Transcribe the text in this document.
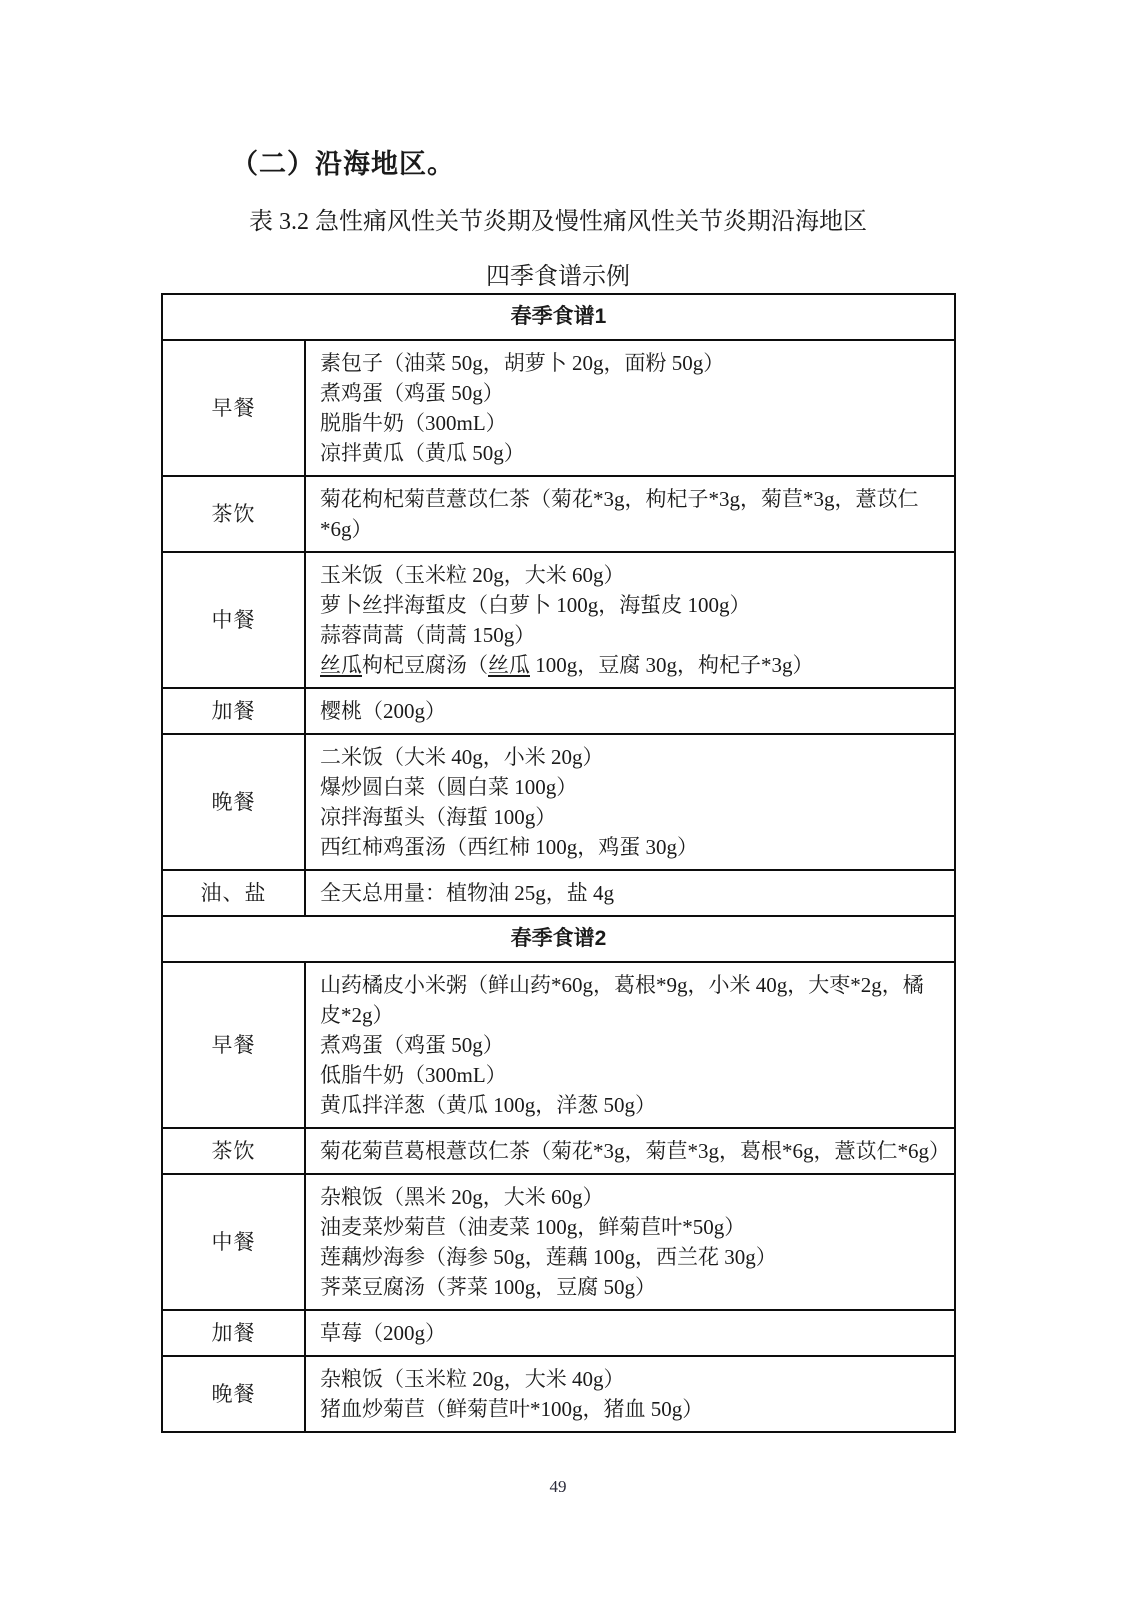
（二）沿海地区。
表 3.2 急性痛风性关节炎期及慢性痛风性关节炎期沿海地区
四季食谱示例
春季食谱1	
早餐	素包子（油菜 50g，胡萝卜 20g，面粉 50g）
煮鸡蛋（鸡蛋 50g）
脱脂牛奶（300mL）
凉拌黄瓜（黄瓜 50g）

茶饮	菊花枸杞菊苣薏苡仁茶（菊花*3g，枸杞子*3g，菊苣*3g，薏苡仁*6g）

中餐	玉米饭（玉米粒 20g，大米 60g）
萝卜丝拌海蜇皮（白萝卜 100g，海蜇皮 100g）
蒜蓉茼蒿（茼蒿 150g）
丝瓜枸杞豆腐汤（丝瓜 100g，豆腐 30g，枸杞子*3g）

加餐	樱桃（200g）

晚餐	二米饭（大米 40g，小米 20g）
爆炒圆白菜（圆白菜 100g）
凉拌海蜇头（海蜇 100g）
西红柿鸡蛋汤（西红柿 100g，鸡蛋 30g）

油、盐	全天总用量：植物油 25g，盐 4g

春季食谱2	
早餐	山药橘皮小米粥（鲜山药*60g，葛根*9g，小米 40g，大枣*2g，橘皮*2g）
煮鸡蛋（鸡蛋 50g）
低脂牛奶（300mL）
黄瓜拌洋葱（黄瓜 100g，洋葱 50g）

茶饮	菊花菊苣葛根薏苡仁茶（菊花*3g，菊苣*3g，葛根*6g，薏苡仁*6g）

中餐	杂粮饭（黑米 20g，大米 60g）
油麦菜炒菊苣（油麦菜 100g，鲜菊苣叶*50g）
莲藕炒海参（海参 50g，莲藕 100g，西兰花 30g）
荠菜豆腐汤（荠菜 100g，豆腐 50g）

加餐	草莓（200g）

晚餐	杂粮饭（玉米粒 20g，大米 40g）
猪血炒菊苣（鲜菊苣叶*100g，猪血 50g）
49
